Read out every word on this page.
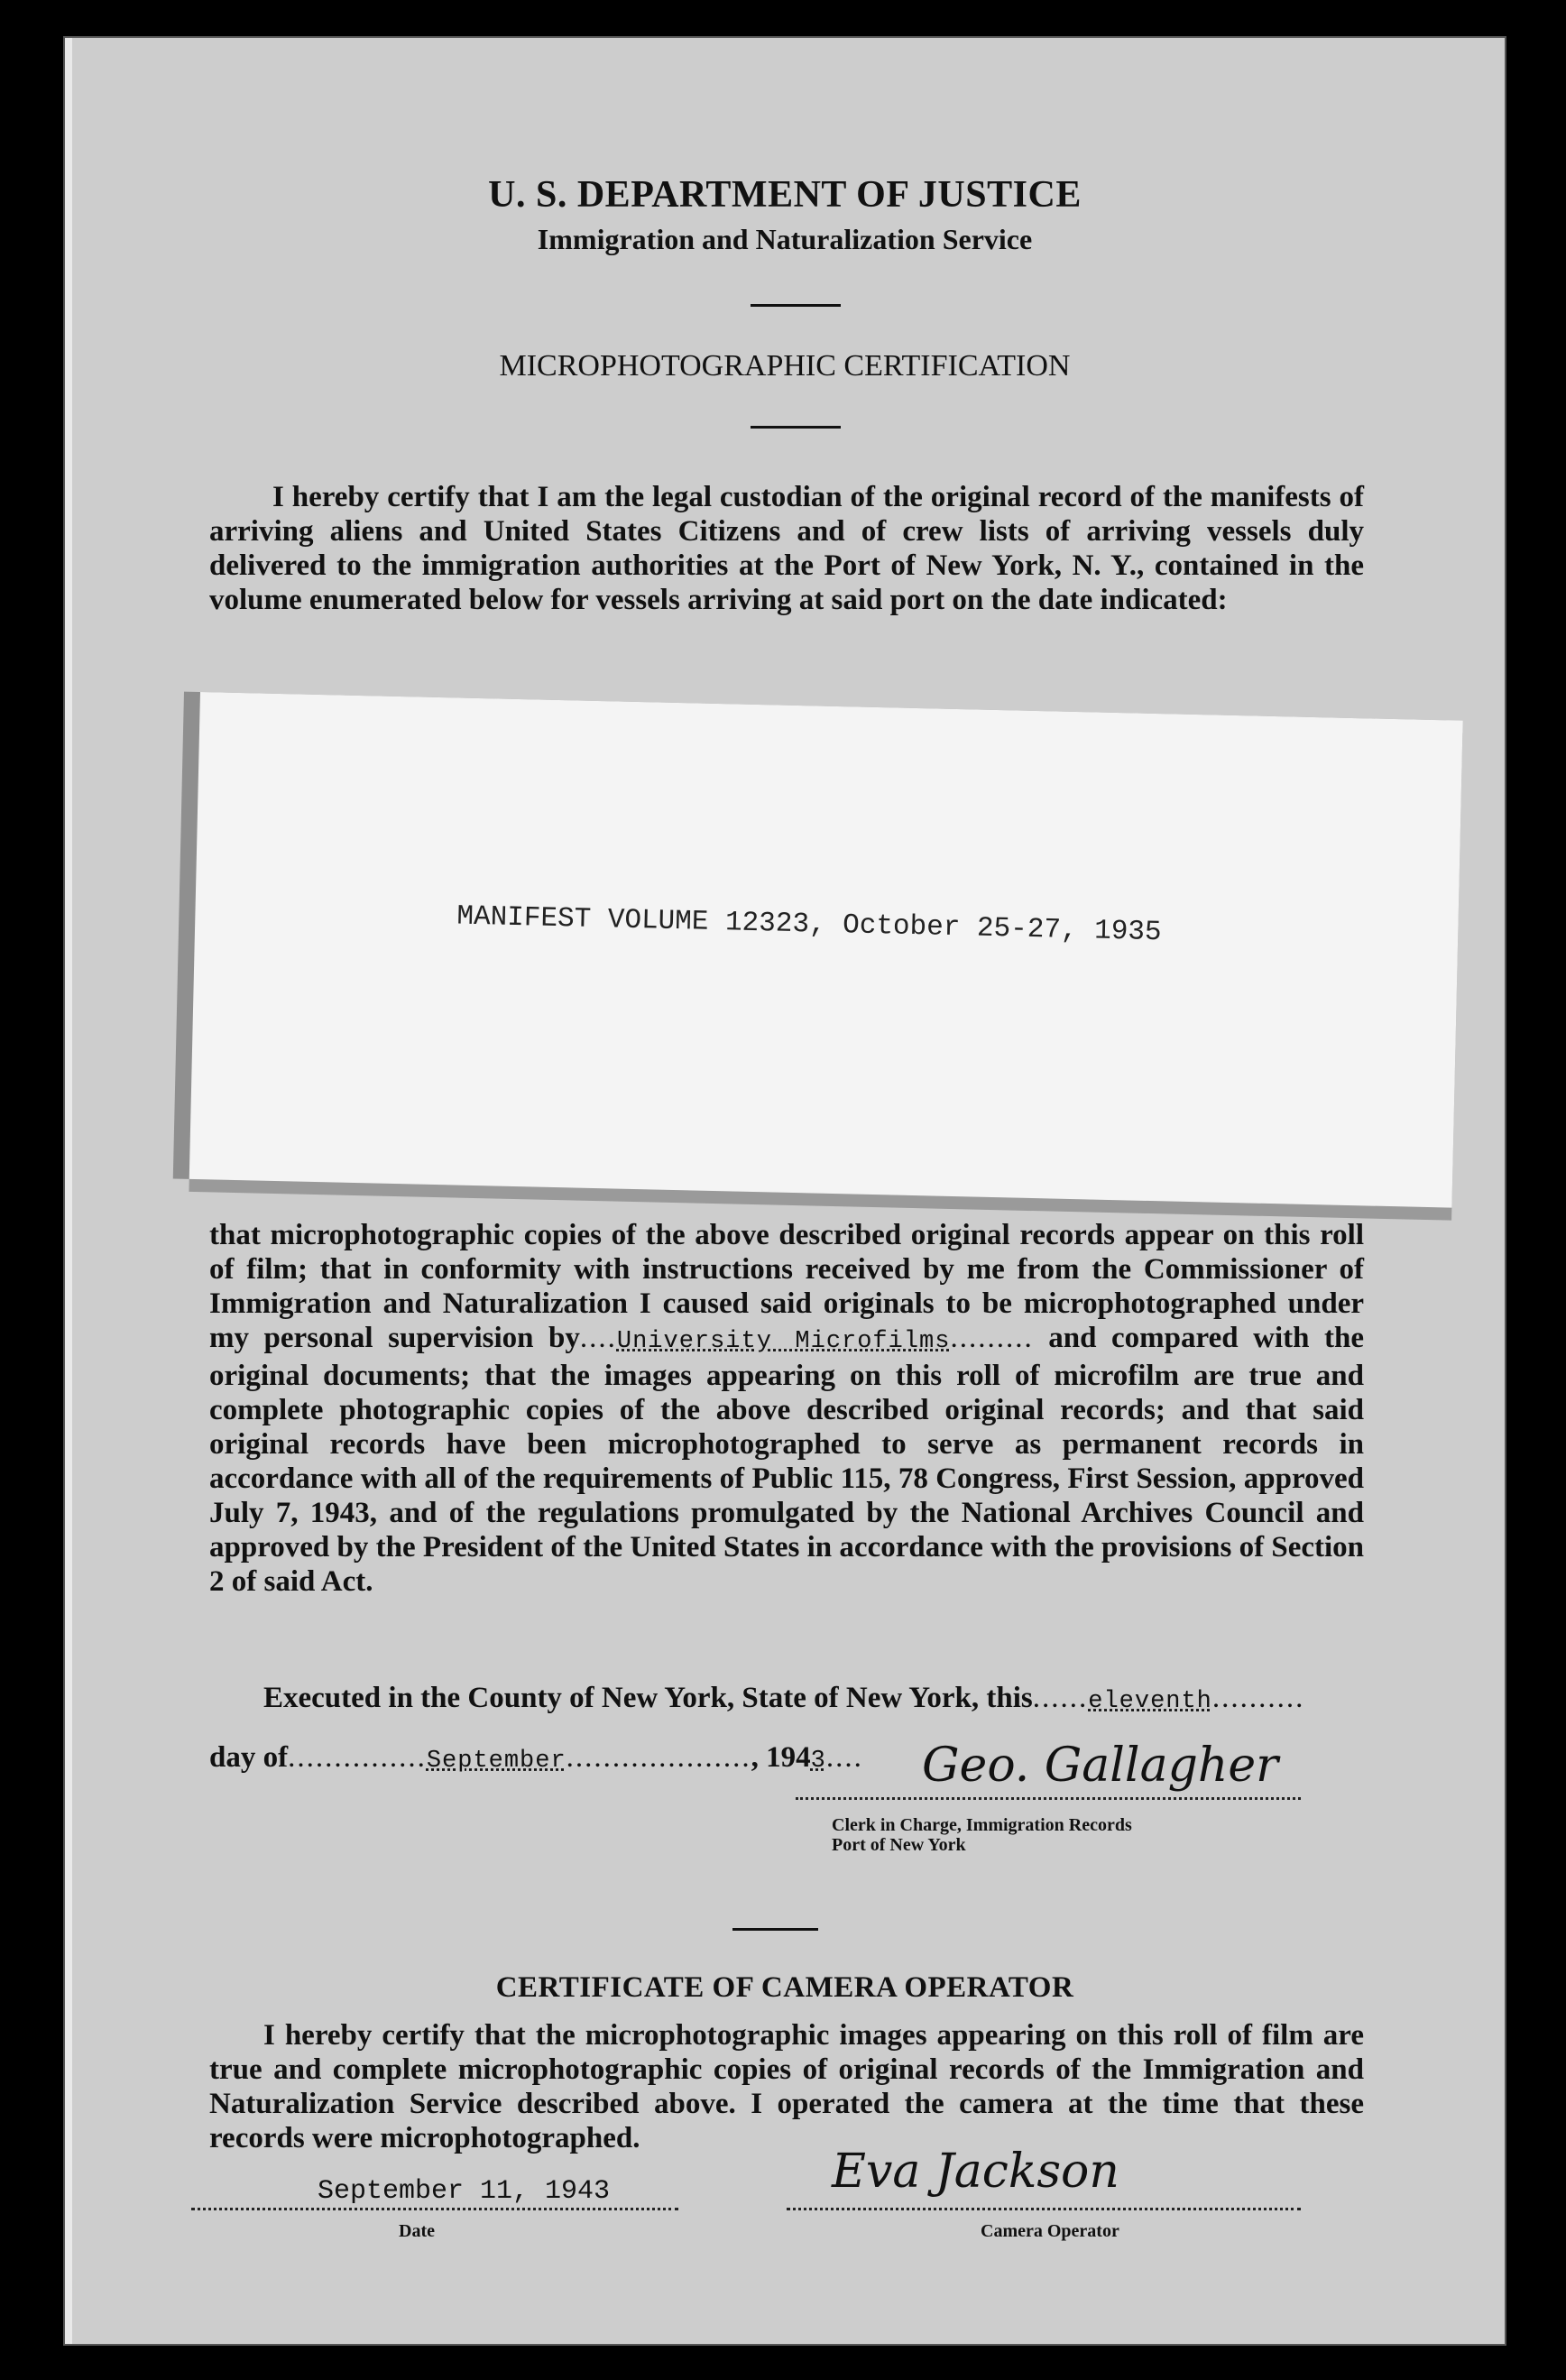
U. S. DEPARTMENT OF JUSTICE
Immigration and Naturalization Service
MICROPHOTOGRAPHIC CERTIFICATION
I hereby certify that I am the legal custodian of the original record of the manifests of arriving aliens and United States Citizens and of crew lists of arriving vessels duly delivered to the immigration authorities at the Port of New York, N. Y., contained in the volume enumerated below for vessels arriving at said port on the date indicated:
MANIFEST VOLUME 12323, October 25-27, 1935
that microphotographic copies of the above described original records appear on this roll of film; that in conformity with instructions received by me from the Commissioner of Immigration and Naturalization I caused said originals to be microphotographed under my personal supervision by....University Microfilms......... and compared with the original documents; that the images appearing on this roll of microfilm are true and complete photographic copies of the above described original records; and that said original records have been microphotographed to serve as permanent records in accordance with all of the requirements of Public 115, 78 Congress, First Session, approved July 7, 1943, and of the regulations promulgated by the National Archives Council and approved by the President of the United States in accordance with the provisions of Section 2 of said Act.
Executed in the County of New York, State of New York, this......eleventh..........
day of...............September...................., 1943.... Geo. Gallagher
Clerk in Charge, Immigration Records
Port of New York
CERTIFICATE OF CAMERA OPERATOR
I hereby certify that the microphotographic images appearing on this roll of film are true and complete microphotographic copies of original records of the Immigration and Naturalization Service described above. I operated the camera at the time that these records were microphotographed.
September 11, 1943
Date
Eva Jackson
Camera Operator
